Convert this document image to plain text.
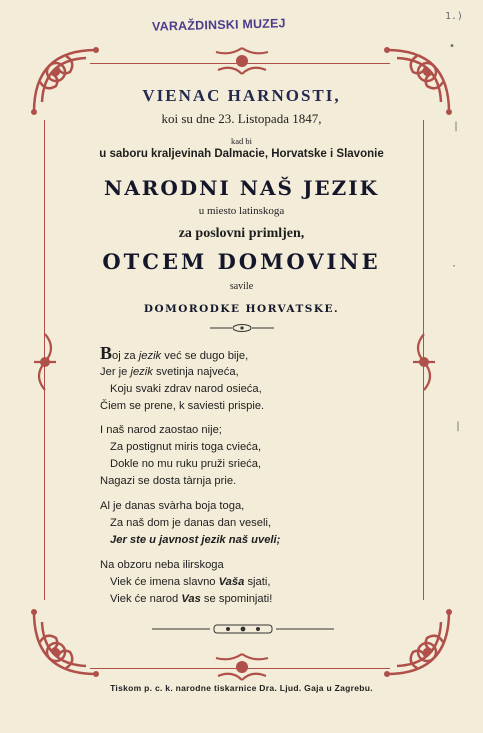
VARAŽDINSKI MUZEJ	1.)
•
|
·
|
VIENAC HARNOSTI,
koi su dne 23. Listopada 1847,
kad bi
u saboru kraljevinah Dalmacie, Horvatske i Slavonie
NARODNI NAŠ JEZIK
u miesto latinskoga
za poslovni primljen,
OTCEM DOMOVINE
savile
DOMORODKE HORVATSKE.
Boj za jezik već se dugo bije,
Jer je jezik svetinja najveća,
Koju svaki zdrav narod osieća,
Čiem se prene, k saviesti prispie.
I naš narod zaostao nije;
Za postignut miris toga cvieća,
Dokle no mu ruku pruži srieća,
Nagazi se dosta tàrnja prie.
Al je danas svàrha boja toga,
Za naš dom je danas dan veseli,
Jer ste u javnost jezik naš uveli;
Na obzoru neba ilirskoga
Viek će imena slavno Vaša sjati,
Viek će narod Vas se spominjati!
Tiskom p. c. k. narodne tiskarnice Dra. Ljud. Gaja u Zagrebu.
